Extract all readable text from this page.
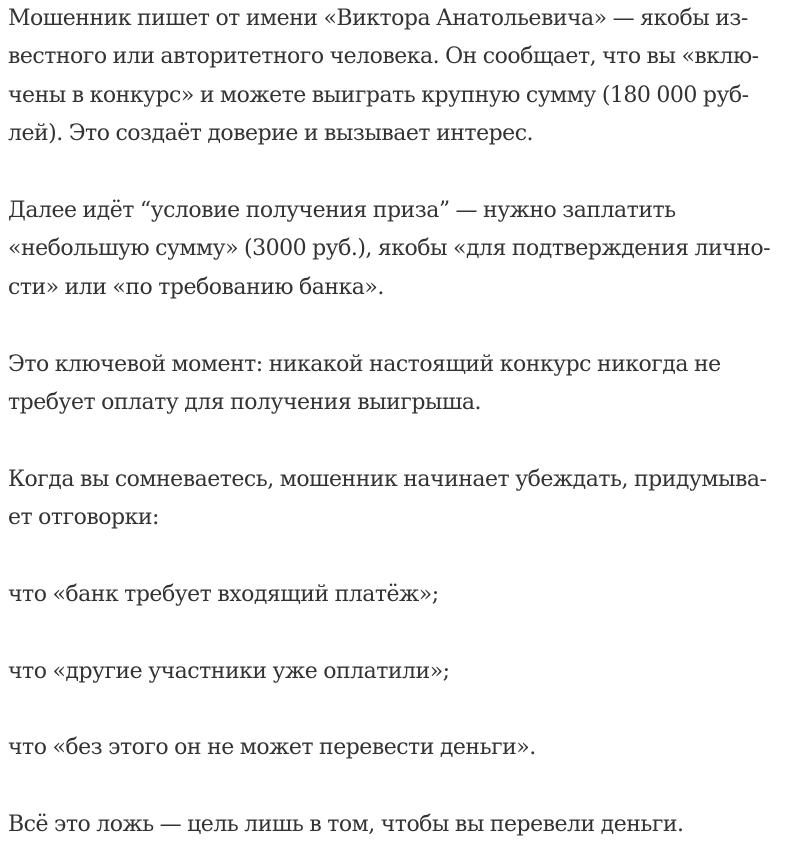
Мошенник пишет от имени «Виктора Анатольевича» — якобы из-
вестного или авторитетного человека. Он сообщает, что вы «вклю-
чены в конкурс» и можете выиграть крупную сумму (180 000 руб-
лей). Это создаёт доверие и вызывает интерес.
Далее идёт “условие получения приза” — нужно заплатить
«небольшую сумму» (3000 руб.), якобы «для подтверждения лично-
сти» или «по требованию банка».
Это ключевой момент: никакой настоящий конкурс никогда не
требует оплату для получения выигрыша.
Когда вы сомневаетесь, мошенник начинает убеждать, придумыва-
ет отговорки:
что «банк требует входящий платёж»;
что «другие участники уже оплатили»;
что «без этого он не может перевести деньги».
Всё это ложь — цель лишь в том, чтобы вы перевели деньги.
